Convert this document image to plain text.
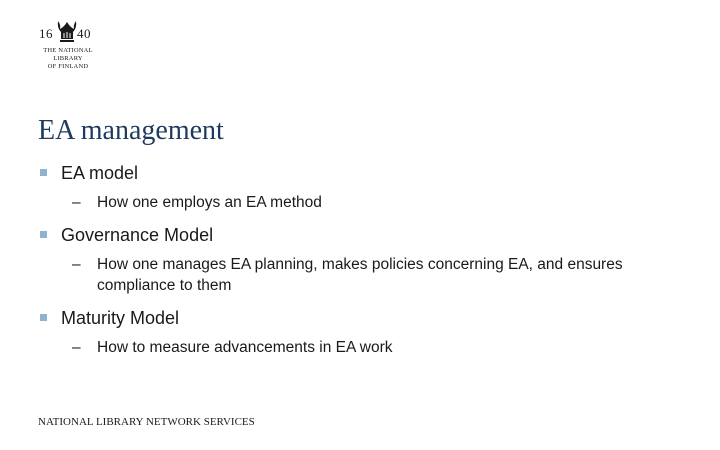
16 40
THE NATIONAL
LIBRARY
OF FINLAND
EA management
EA model
– How one employs an EA method
Governance Model
– How one manages EA planning, makes policies concerning EA, and ensures compliance to them
Maturity Model
– How to measure advancements in EA work
NATIONAL LIBRARY NETWORK SERVICES
